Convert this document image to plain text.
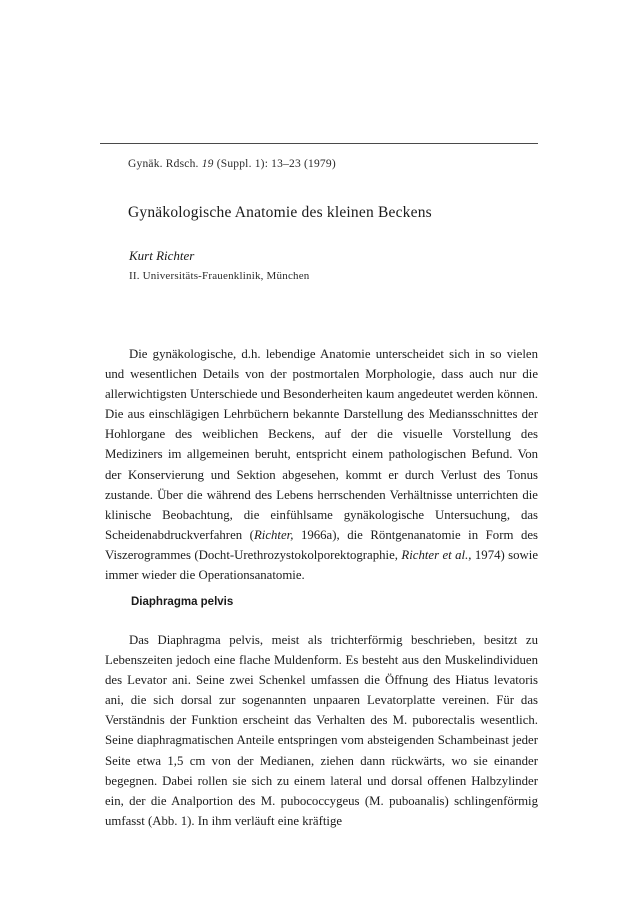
Gynäk. Rdsch. 19 (Suppl. 1): 13–23 (1979)
Gynäkologische Anatomie des kleinen Beckens
Kurt Richter
II. Universitäts-Frauenklinik, München

Die gynäkologische, d.h. lebendige Anatomie unterscheidet sich in so vielen und wesentlichen Details von der postmortalen Morphologie, dass auch nur die allerwichtigsten Unterschiede und Besonderheiten kaum angedeutet werden können. Die aus einschlägigen Lehrbüchern bekannte Darstellung des Mediansschnittes der Hohlorgane des weiblichen Beckens, auf der die visuelle Vorstellung des Mediziners im allgemeinen beruht, entspricht einem pathologischen Befund. Von der Konservierung und Sektion abgesehen, kommt er durch Verlust des Tonus zustande. Über die während des Lebens herrschenden Verhältnisse unterrichten die klinische Beobachtung, die einfühlsame gynäkologische Untersuchung, das Scheidenabdruckverfahren (Richter, 1966a), die Röntgenanatomie in Form des Viszerogrammes (Docht-Urethrozystokolporektographie, Richter et al., 1974) sowie immer wieder die Operationsanatomie.

Diaphragma pelvis

Das Diaphragma pelvis, meist als trichterförmig beschrieben, besitzt zu Lebenszeiten jedoch eine flache Muldenform. Es besteht aus den Muskelindividuen des Levator ani. Seine zwei Schenkel umfassen die Öffnung des Hiatus levatoris ani, die sich dorsal zur sogenannten unpaaren Levatorplatte vereinen. Für das Verständnis der Funktion erscheint das Verhalten des M. puborectalis wesentlich. Seine diaphragmatischen Anteile entspringen vom absteigenden Schambeinast jeder Seite etwa 1,5 cm von der Medianen, ziehen dann rückwärts, wo sie einander begegnen. Dabei rollen sie sich zu einem lateral und dorsal offenen Halbzylinder ein, der die Analportion des M. pubococcygeus (M. puboanalis) schlingenförmig umfasst (Abb. 1). In ihm verläuft eine kräftige
